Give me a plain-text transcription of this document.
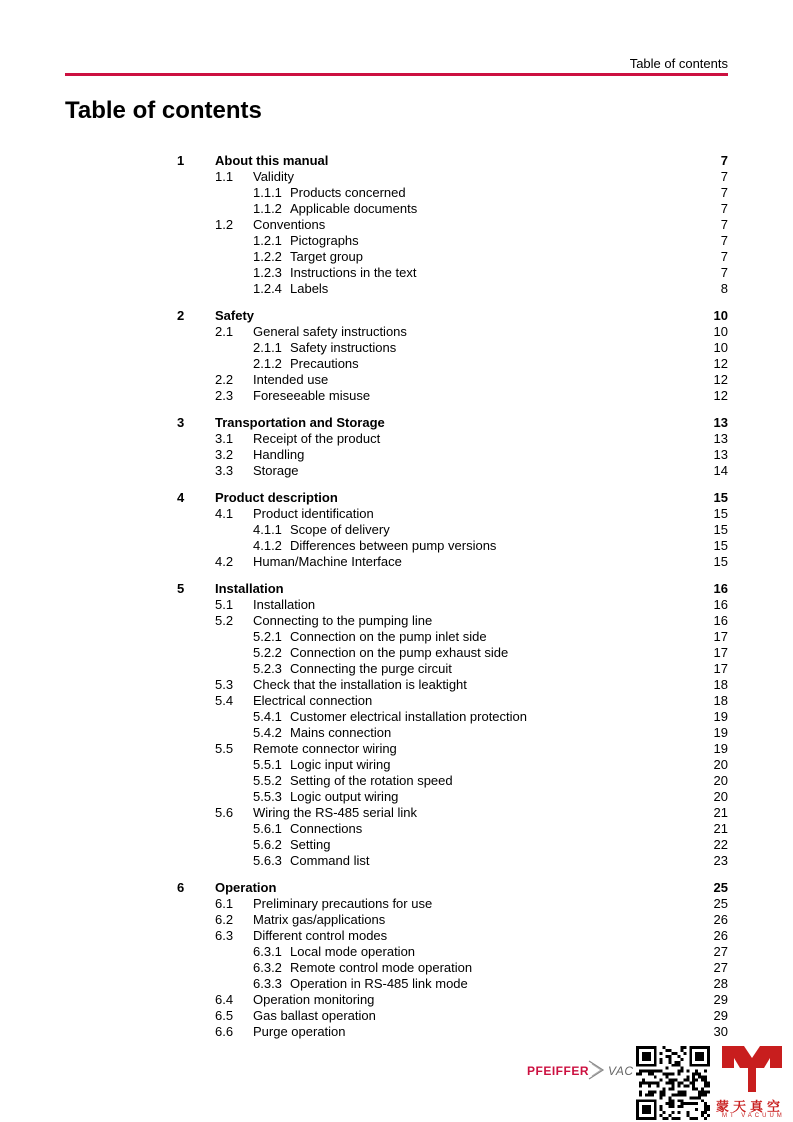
Table of contents
Table of contents
1 About this manual	7
1.1 Validity	7
1.1.1 Products concerned	7
1.1.2 Applicable documents	7
1.2 Conventions	7
1.2.1 Pictographs	7
1.2.2 Target group	7
1.2.3 Instructions in the text	7
1.2.4 Labels	8
2 Safety	10
2.1 General safety instructions	10
2.1.1 Safety instructions	10
2.1.2 Precautions	12
2.2 Intended use	12
2.3 Foreseeable misuse	12
3 Transportation and Storage	13
3.1 Receipt of the product	13
3.2 Handling	13
3.3 Storage	14
4 Product description	15
4.1 Product identification	15
4.1.1 Scope of delivery	15
4.1.2 Differences between pump versions	15
4.2 Human/Machine Interface	15
5 Installation	16
5.1 Installation	16
5.2 Connecting to the pumping line	16
5.2.1 Connection on the pump inlet side	17
5.2.2 Connection on the pump exhaust side	17
5.2.3 Connecting the purge circuit	17
5.3 Check that the installation is leaktight	18
5.4 Electrical connection	18
5.4.1 Customer electrical installation protection	19
5.4.2 Mains connection	19
5.5 Remote connector wiring	19
5.5.1 Logic input wiring	20
5.5.2 Setting of the rotation speed	20
5.5.3 Logic output wiring	20
5.6 Wiring the RS-485 serial link	21
5.6.1 Connections	21
5.6.2 Setting	22
5.6.3 Command list	23
6 Operation	25
6.1 Preliminary precautions for use	25
6.2 Matrix gas/applications	26
6.3 Different control modes	26
6.3.1 Local mode operation	27
6.3.2 Remote control mode operation	27
6.3.3 Operation in RS-485 link mode	28
6.4 Operation monitoring	29
6.5 Gas ballast operation	29
6.6 Purge operation	30
PFEIFFER VAC
蒙天真空
MT VACUUM
